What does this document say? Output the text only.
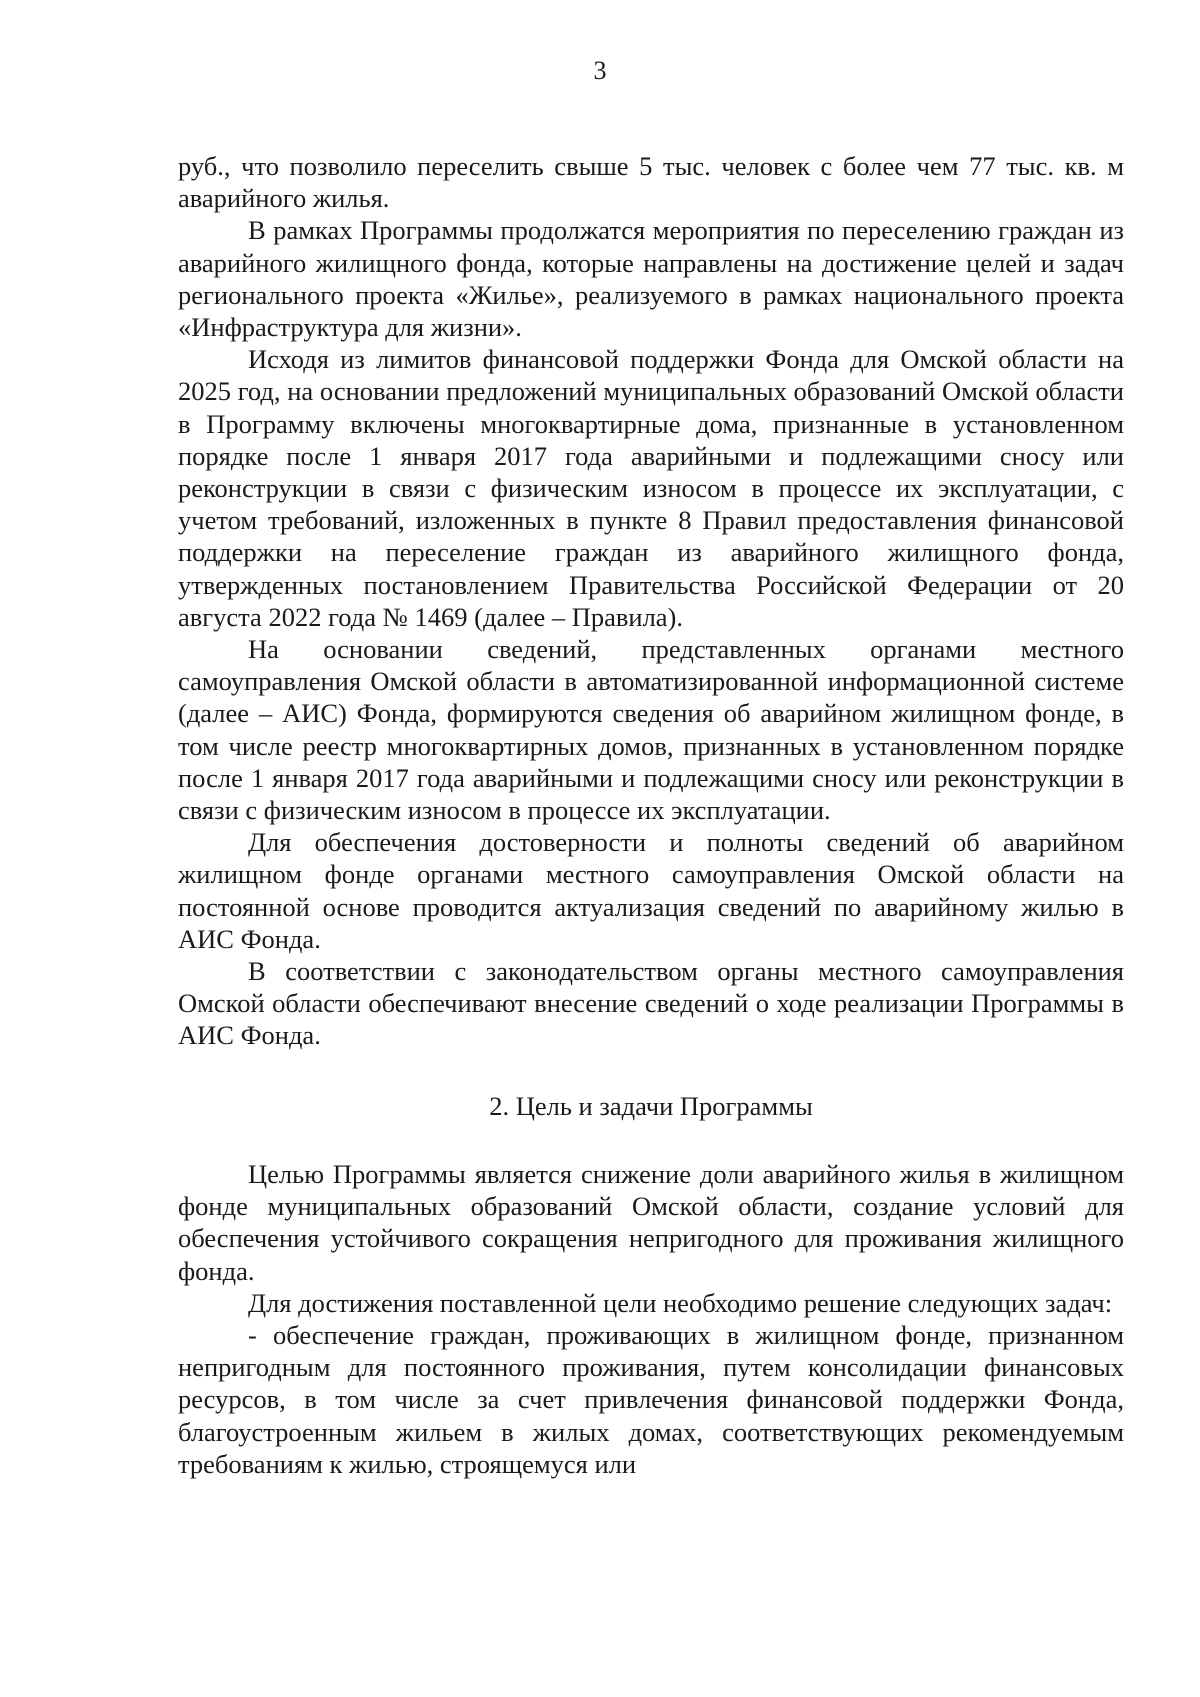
3

руб., что позволило переселить свыше 5 тыс. человек с более чем 77 тыс. кв. м аварийного жилья.

В рамках Программы продолжатся мероприятия по переселению граждан из аварийного жилищного фонда, которые направлены на достижение целей и задач регионального проекта «Жилье», реализуемого в рамках национального проекта «Инфраструктура для жизни».

Исходя из лимитов финансовой поддержки Фонда для Омской области на 2025 год, на основании предложений муниципальных образований Омской области в Программу включены многоквартирные дома, признанные в установленном порядке после 1 января 2017 года аварийными и подлежащими сносу или реконструкции в связи с физическим износом в процессе их эксплуатации, с учетом требований, изложенных в пункте 8 Правил предоставления финансовой поддержки на переселение граждан из аварийного жилищного фонда, утвержденных постановлением Правительства Российской Федерации от 20 августа 2022 года № 1469 (далее – Правила).

На основании сведений, представленных органами местного самоуправления Омской области в автоматизированной информационной системе (далее – АИС) Фонда, формируются сведения об аварийном жилищном фонде, в том числе реестр многоквартирных домов, признанных в установленном порядке после 1 января 2017 года аварийными и подлежащими сносу или реконструкции в связи с физическим износом в процессе их эксплуатации.

Для обеспечения достоверности и полноты сведений об аварийном жилищном фонде органами местного самоуправления Омской области на постоянной основе проводится актуализация сведений по аварийному жилью в АИС Фонда.

В соответствии с законодательством органы местного самоуправления Омской области обеспечивают внесение сведений о ходе реализации Программы в АИС Фонда.

2. Цель и задачи Программы

Целью Программы является снижение доли аварийного жилья в жилищном фонде муниципальных образований Омской области, создание условий для обеспечения устойчивого сокращения непригодного для проживания жилищного фонда.

Для достижения поставленной цели необходимо решение следующих задач:

- обеспечение граждан, проживающих в жилищном фонде, признанном непригодным для постоянного проживания, путем консолидации финансовых ресурсов, в том числе за счет привлечения финансовой поддержки Фонда, благоустроенным жильем в жилых домах, соответствующих рекомендуемым требованиям к жилью, строящемуся или
